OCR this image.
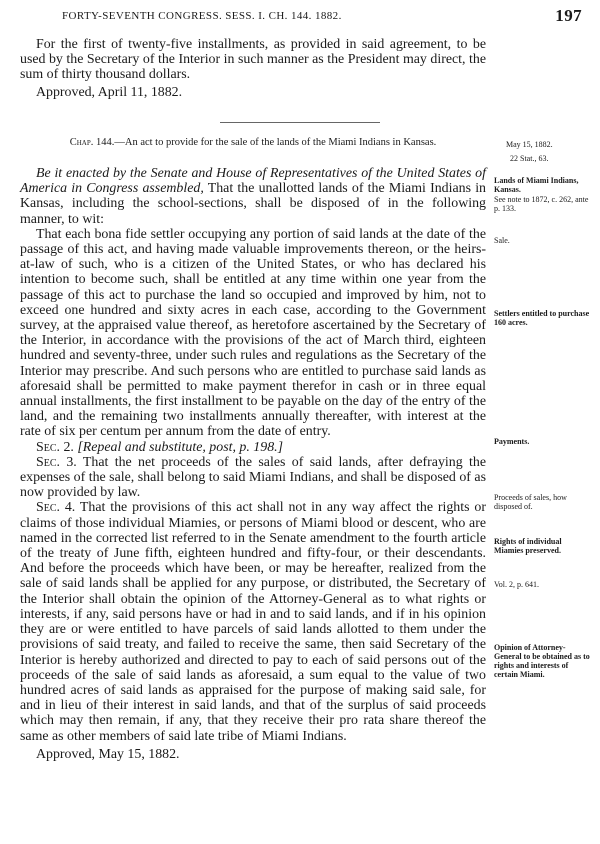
FORTY-SEVENTH CONGRESS. SESS. I. CH. 144. 1882.	197

For the first of twenty-five installments, as provided in said agreement, to be used by the Secretary of the Interior in such manner as the President may direct, the sum of thirty thousand dollars.

Approved, April 11, 1882.

Chap. 144.—An act to provide for the sale of the lands of the Miami Indians in Kansas.

Be it enacted by the Senate and House of Representatives of the United States of America in Congress assembled, That the unallotted lands of the Miami Indians in Kansas, including the school-sections, shall be disposed of in the following manner, to wit:

That each bona fide settler occupying any portion of said lands at the date of the passage of this act, and having made valuable improvements thereon, or the heirs-at-law of such, who is a citizen of the United States, or who has declared his intention to become such, shall be entitled at any time within one year from the passage of this act to purchase the land so occupied and improved by him, not to exceed one hundred and sixty acres in each case, according to the Government survey, at the appraised value thereof, as heretofore ascertained by the Secretary of the Interior, in accordance with the provisions of the act of March third, eighteen hundred and seventy-three, under such rules and regulations as the Secretary of the Interior may prescribe. And such persons who are entitled to purchase said lands as aforesaid shall be permitted to make payment therefor in cash or in three equal annual installments, the first installment to be payable on the day of the entry of the land, and the remaining two installments annually thereafter, with interest at the rate of six per centum per annum from the date of entry.

Sec. 2. [Repeal and substitute, post, p. 198.]

Sec. 3. That the net proceeds of the sales of said lands, after defraying the expenses of the sale, shall belong to said Miami Indians, and shall be disposed of as now provided by law.

Sec. 4. That the provisions of this act shall not in any way affect the rights or claims of those individual Miamies, or persons of Miami blood or descent, who are named in the corrected list referred to in the Senate amendment to the fourth article of the treaty of June fifth, eighteen hundred and fifty-four, or their descendants. And before the proceeds which have been, or may be hereafter, realized from the sale of said lands shall be applied for any purpose, or distributed, the Secretary of the Interior shall obtain the opinion of the Attorney-General as to what rights or interests, if any, said persons have or had in and to said lands, and if in his opinion they are or were entitled to have parcels of said lands allotted to them under the provisions of said treaty, and failed to receive the same, then said Secretary of the Interior is hereby authorized and directed to pay to each of said persons out of the proceeds of the sale of said lands as aforesaid, a sum equal to the value of two hundred acres of said lands as appraised for the purpose of making said sale, for and in lieu of their interest in said lands, and that of the surplus of said proceeds which may then remain, if any, that they receive their pro rata share thereof the same as other members of said late tribe of Miami Indians.

Approved, May 15, 1882.

May 15, 1882.
22 Stat., 63.
Lands of Miami Indians, Kansas.
See note to 1872, c. 262, ante p. 133.
Sale.
Settlers entitled to purchase 160 acres.
Payments.
Proceeds of sales, how disposed of.
Rights of individual Miamies preserved.
Vol. 2, p. 641.
Opinion of Attorney-General to be obtained as to rights and interests of certain Miami.
